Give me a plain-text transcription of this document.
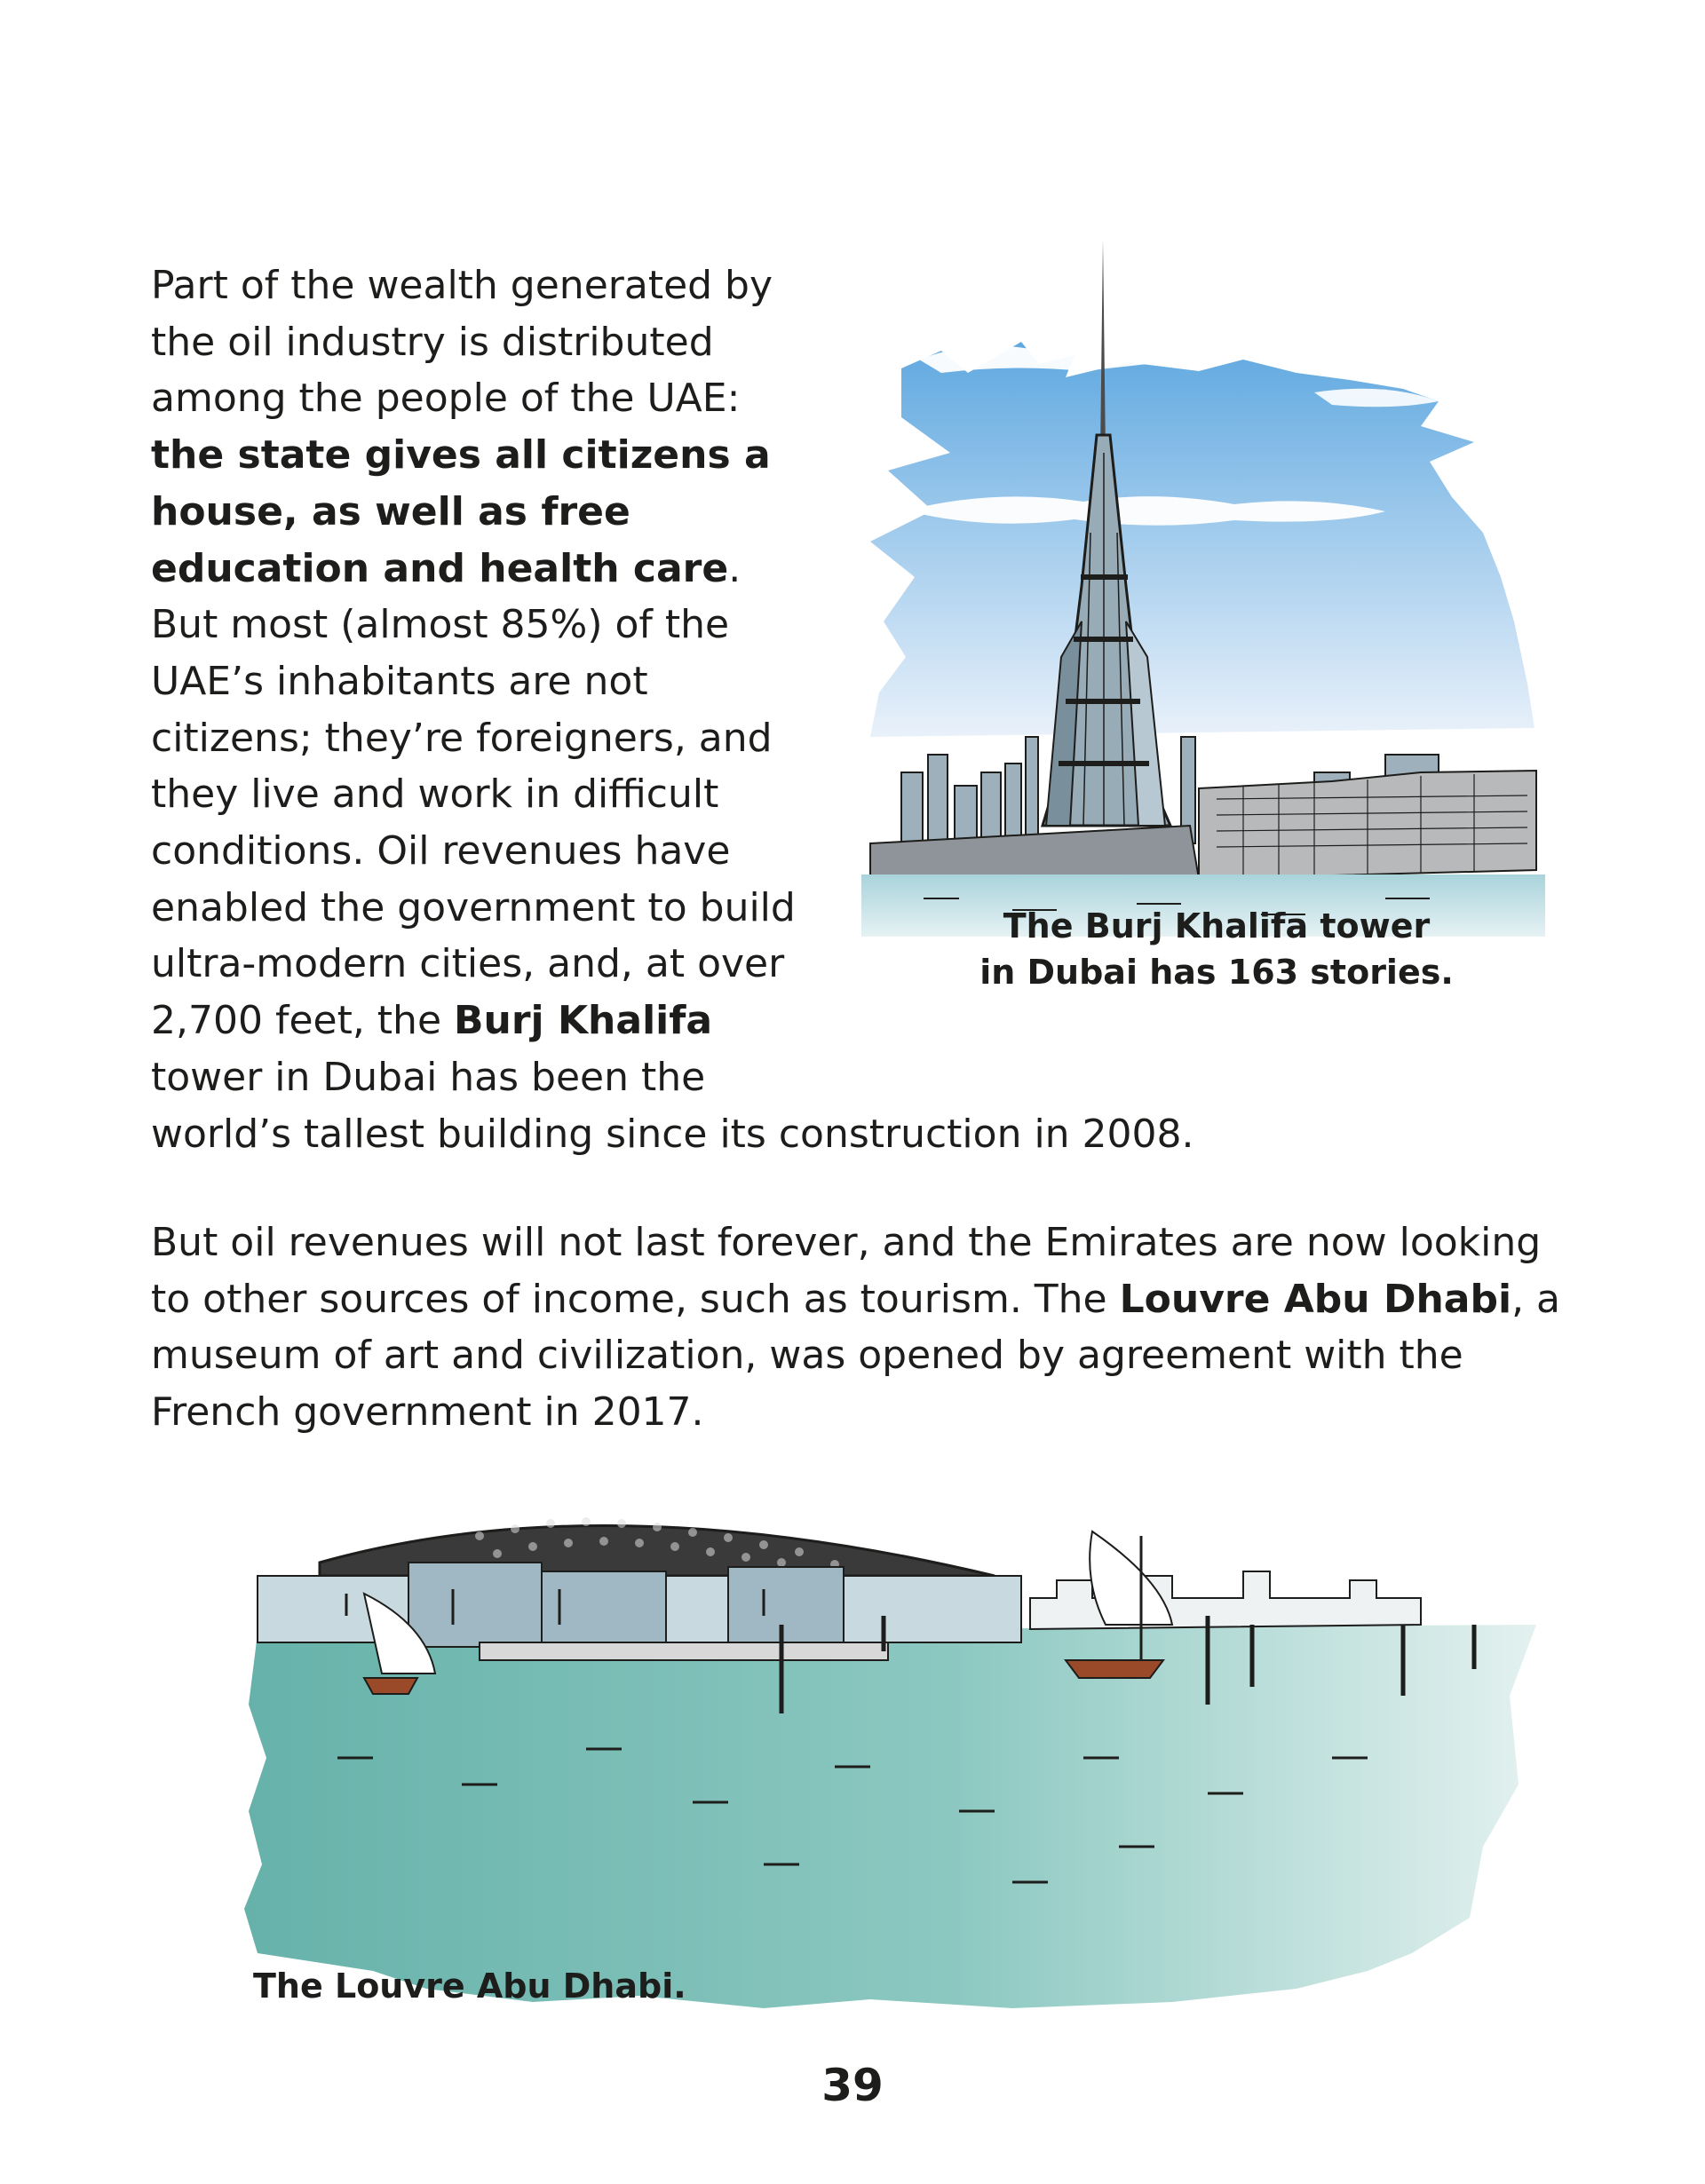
The Burj Khalifa tower
in Dubai has 163 stories.
Part of the wealth generated by the oil industry is distributed among the people of the UAE: the state gives all citizens a house, as well as free education and health care. But most (almost 85%) of the UAE’s inhabitants are not citizens; they’re foreigners, and they live and work in difficult conditions. Oil revenues have enabled the government to build ultra-modern cities, and, at over 2,700 feet, the Burj Khalifa tower in Dubai has been the world’s tallest building since its construction in 2008.

But oil revenues will not last forever, and the Emirates are now looking to other sources of income, such as tourism. The Louvre Abu Dhabi, a museum of art and civilization, was opened by agreement with the French government in 2017.

The Louvre Abu Dhabi.
39
